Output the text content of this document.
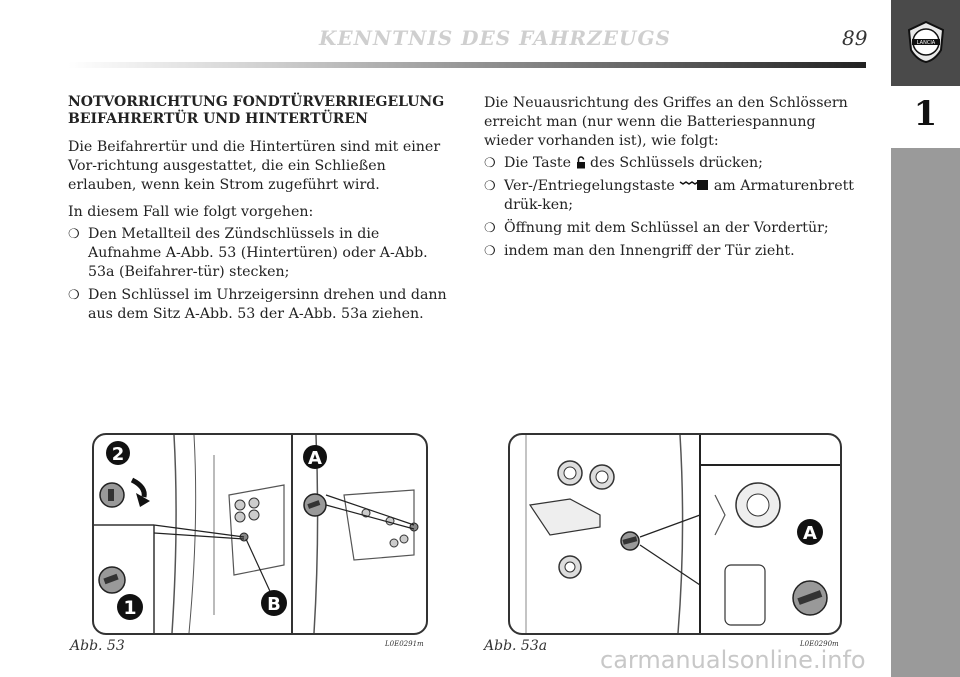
KENNTNIS DES FAHRZEUGS	89	LANCIA
1
NOTVORRICHTUNG FONDTÜRVERRIEGELUNG BEIFAHRERTÜR UND HINTERTÜREN

Die Beifahrertür und die Hintertüren sind mit einer Vor-richtung ausgestattet, die ein Schließen erlauben, wenn kein Strom zugeführt wird.

In diesem Fall wie folgt vorgehen:

❍ Den Metallteil des Zündschlüssels in die Aufnahme A-Abb. 53 (Hintertüren) oder A-Abb. 53a (Beifahrer-tür) stecken;
❍ Den Schlüssel im Uhrzeigersinn drehen und dann aus dem Sitz A-Abb. 53 der A-Abb. 53a ziehen.

Die Neuausrichtung des Griffes an den Schlössern erreicht man (nur wenn die Batteriespannung wieder vorhanden ist), wie folgt:

❍ Die Taste des Schlüssels drücken;
❍ Ver-/Entriegelungstaste	am Armaturenbrett drük-ken;
❍ Öffnung mit dem Schlüssel an der Vordertür;
❍ indem man den Innengriff der Tür zieht.
2
1	B
A
Abb. 53	L0E0291m
A
Abb. 53a	L0E0290m
carmanualsonline.info
